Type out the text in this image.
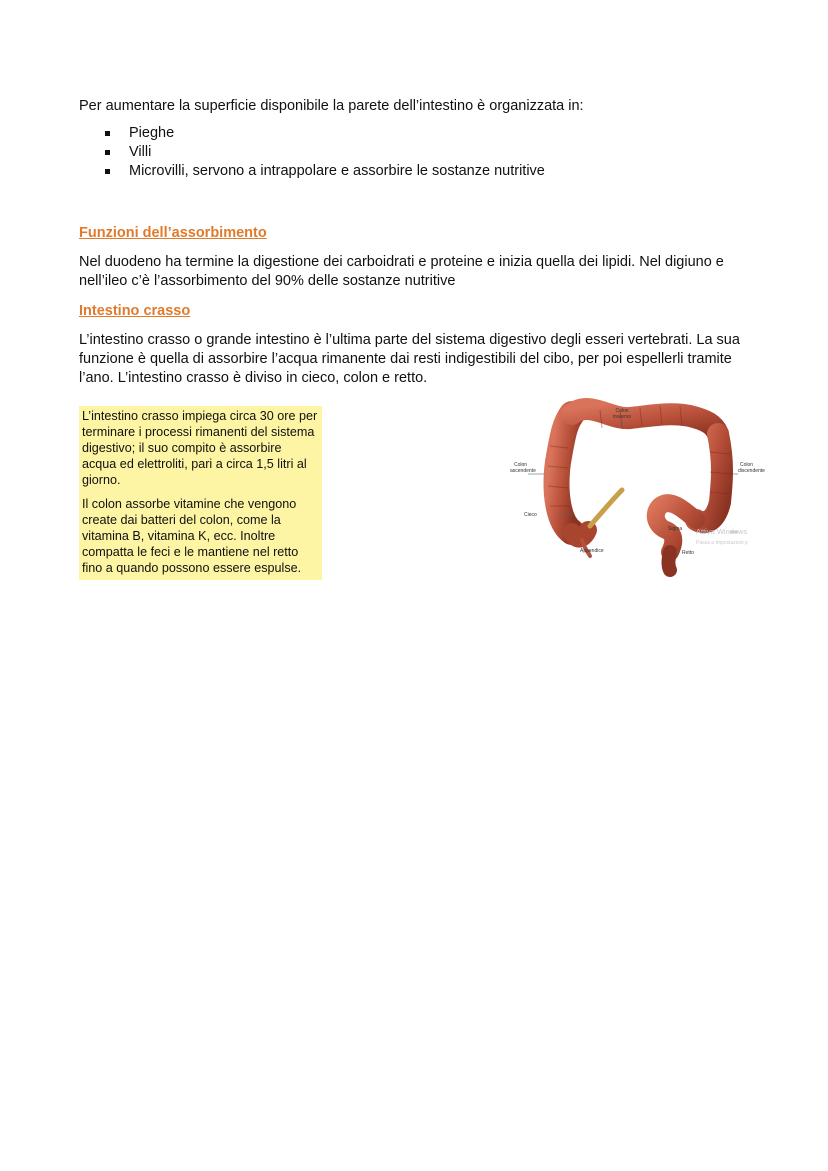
Per aumentare la superficie disponibile la parete dell’intestino è organizzata in:

Pieghe
Villi
Microvilli, servono a intrappolare e assorbire le sostanze nutritive

Funzioni dell’assorbimento

Nel duodeno ha termine la digestione dei carboidrati e proteine e inizia quella dei lipidi. Nel digiuno e nell’ileo c’è l’assorbimento del 90% delle sostanze nutritive

Intestino crasso

L’intestino crasso o grande intestino è l’ultima parte del sistema digestivo degli esseri vertebrati. La sua funzione è quella di assorbire l’acqua rimanente dai resti indigestibili del cibo, per poi espellerli tramite l’ano. L’intestino crasso è diviso in cieco, colon e retto.

L’intestino crasso impiega circa 30 ore per terminare i processi rimanenti del sistema digestivo; il suo compito è assorbire acqua ed elettroliti, pari a circa 1,5 litri al giorno.

Il colon assorbe vitamine che vengono create dai batteri del colon, come la vitamina B, vitamina K, ecc. Inoltre compatta le feci e le mantiene nel retto fino a quando possono essere espulse.

Colon
traverso
Colon
ascendente
Colon
discendente
Cieco
Sigma
Appendice	Retto
Attiva Windows
Passa a Impostazioni p
